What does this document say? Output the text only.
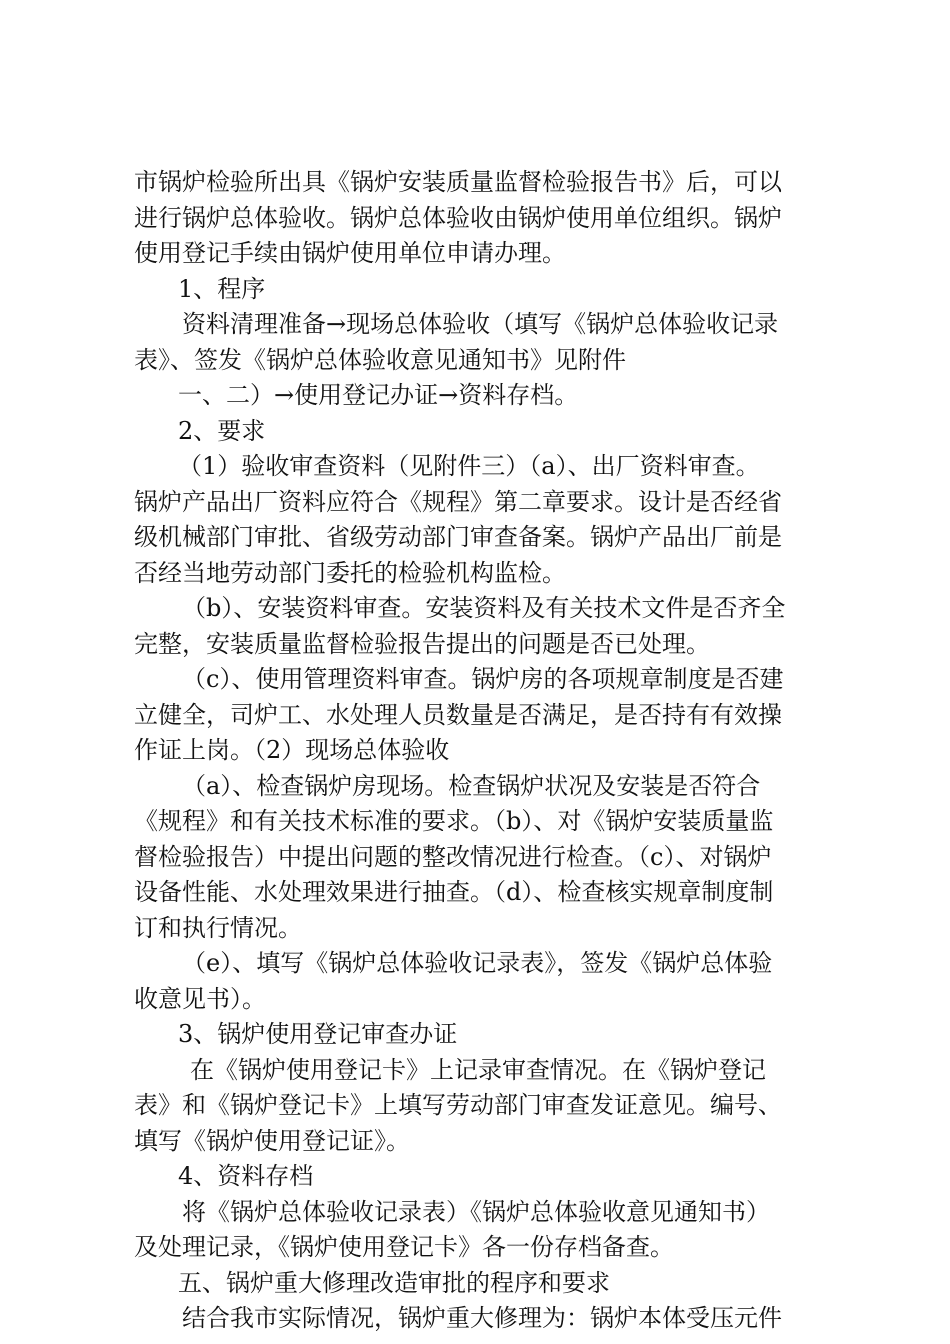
市锅炉检验所出具《锅炉安装质量监督检验报告书》后，可以
进行锅炉总体验收。锅炉总体验收由锅炉使用单位组织。锅炉
使用登记手续由锅炉使用单位申请办理。
1、程序
资料清理准备→现场总体验收（填写《锅炉总体验收记录
表》、签发《锅炉总体验收意见通知书》见附件
一、二）→使用登记办证→资料存档。
2、要求
（1）验收审查资料（见附件三）（a）、出厂资料审查。
锅炉产品出厂资料应符合《规程》第二章要求。设计是否经省
级机械部门审批、省级劳动部门审查备案。锅炉产品出厂前是
否经当地劳动部门委托的检验机构监检。
（b）、安装资料审查。安装资料及有关技术文件是否齐全
完整，安装质量监督检验报告提出的问题是否已处理。
（c）、使用管理资料审查。锅炉房的各项规章制度是否建
立健全，司炉工、水处理人员数量是否满足，是否持有有效操
作证上岗。（2）现场总体验收
（a）、检查锅炉房现场。检查锅炉状况及安装是否符合
《规程》和有关技术标准的要求。（b）、对《锅炉安装质量监
督检验报告）中提出问题的整改情况进行检查。（c）、对锅炉
设备性能、水处理效果进行抽查。（d）、检查核实规章制度制
订和执行情况。
（e）、填写《锅炉总体验收记录表》，签发《锅炉总体验
收意见书）。
3、锅炉使用登记审查办证
在《锅炉使用登记卡》上记录审查情况。在《锅炉登记
表》和《锅炉登记卡》上填写劳动部门审查发证意见。编号、
填写《锅炉使用登记证》。
4、资料存档
将《锅炉总体验收记录表）《锅炉总体验收意见通知书）
及处理记录，《锅炉使用登记卡》各一份存档备查。
五、锅炉重大修理改造审批的程序和要求
结合我市实际情况，锅炉重大修理为：锅炉本体受压元件
